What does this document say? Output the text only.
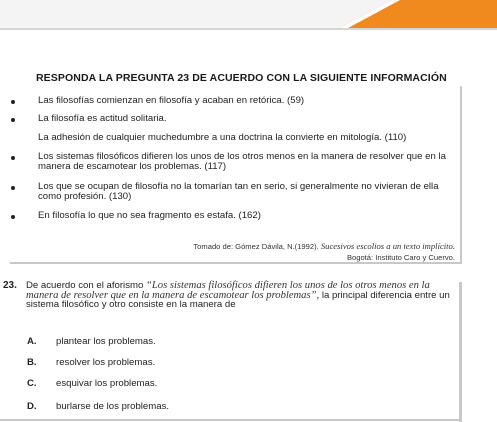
RESPONDA LA PREGUNTA 23 DE ACUERDO CON LA SIGUIENTE INFORMACIÓN
Las filosofías comienzan en filosofía y acaban en retórica. (59)
La filosofía es actitud solitaria.
La adhesión de cualquier muchedumbre a una doctrina la convierte en mitología. (110)
Los sistemas filosóficos difieren los unos de los otros menos en la manera de resolver que en la manera de escamotear los problemas. (117)
Los que se ocupan de filosofía no la tomarían tan en serio, si generalmente no vivieran de ella como profesión. (130)
En filosofía lo que no sea fragmento es estafa. (162)
Tomado de: Gómez Dávila, N.(1992). Sucesivos escolios a un texto implícito.
Bogotá: Instituto Caro y Cuervo.
23. De acuerdo con el aforismo “Los sistemas filosóficos difieren los unos de los otros menos en la manera de resolver que en la manera de escamotear los problemas”, la principal diferencia entre un sistema filosófico y otro consiste en la manera de
A. plantear los problemas.
B. resolver los problemas.
C. esquivar los problemas.
D. burlarse de los problemas.
